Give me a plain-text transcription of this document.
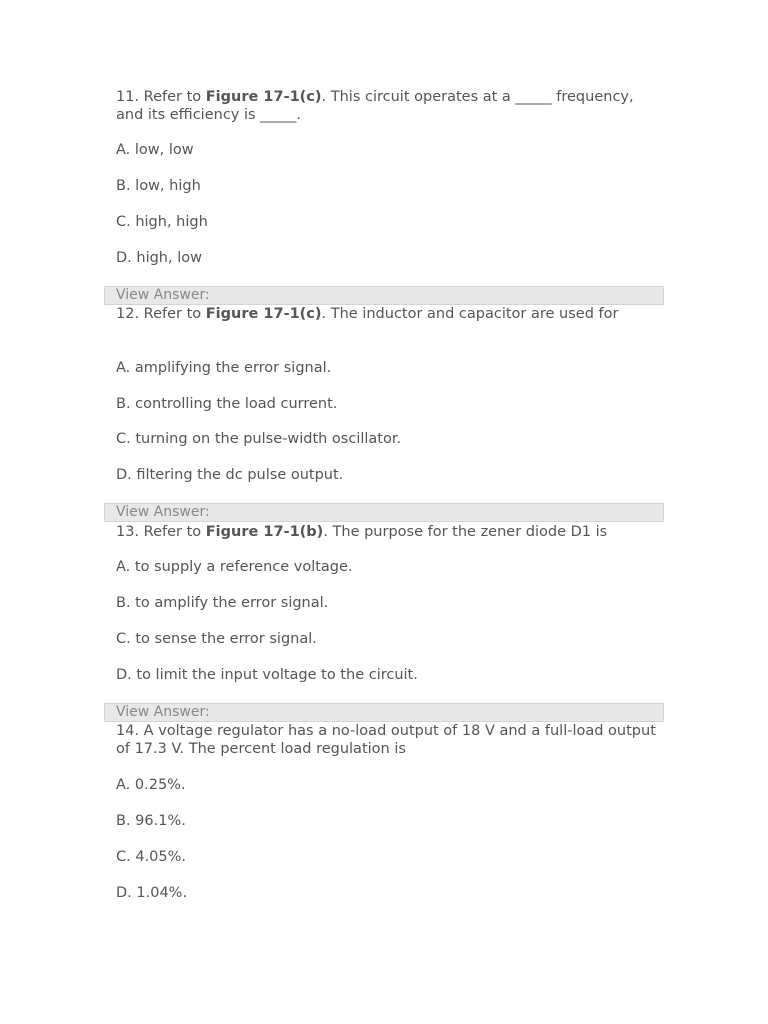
11. Refer to Figure 17-1(c). This circuit operates at a _____ frequency, and its efficiency is _____.
A. low, low
B. low, high
C. high, high
D. high, low
View Answer:
12. Refer to Figure 17-1(c). The inductor and capacitor are used for
A. amplifying the error signal.
B. controlling the load current.
C. turning on the pulse-width oscillator.
D. filtering the dc pulse output.
View Answer:
13. Refer to Figure 17-1(b). The purpose for the zener diode D1 is
A. to supply a reference voltage.
B. to amplify the error signal.
C. to sense the error signal.
D. to limit the input voltage to the circuit.
View Answer:
14. A voltage regulator has a no-load output of 18 V and a full-load output of 17.3 V. The percent load regulation is
A. 0.25%.
B. 96.1%.
C. 4.05%.
D. 1.04%.
